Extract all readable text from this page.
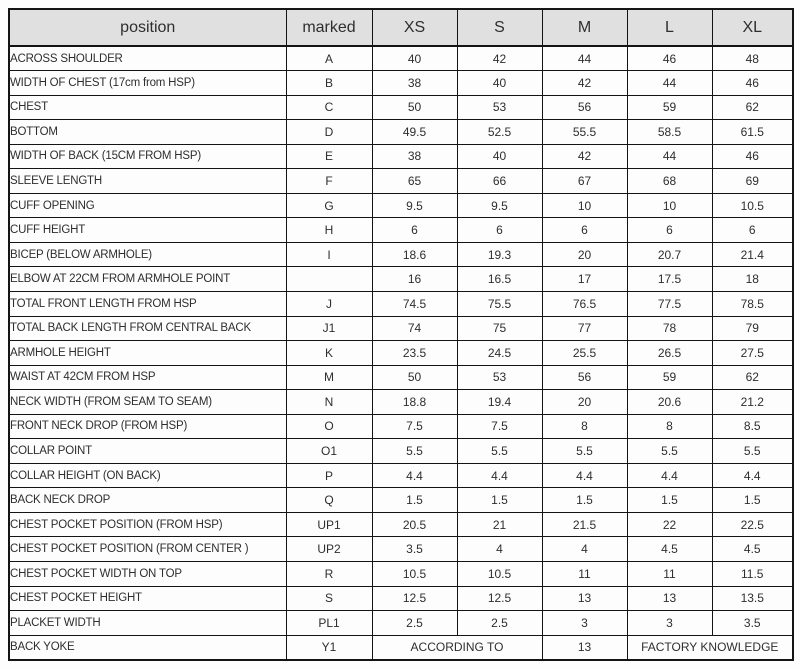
position	marked	XS	S	M	L	XL
ACROSS SHOULDER	A	40	42	44	46	48
WIDTH OF CHEST (17cm from HSP)	B	38	40	42	44	46
CHEST	C	50	53	56	59	62
BOTTOM	D	49.5	52.5	55.5	58.5	61.5
WIDTH OF BACK (15CM FROM HSP)	E	38	40	42	44	46
SLEEVE LENGTH	F	65	66	67	68	69
CUFF OPENING	G	9.5	9.5	10	10	10.5
CUFF HEIGHT	H	6	6	6	6	6
BICEP (BELOW ARMHOLE)	I	18.6	19.3	20	20.7	21.4
ELBOW AT 22CM FROM ARMHOLE POINT		16	16.5	17	17.5	18
TOTAL FRONT LENGTH FROM HSP	J	74.5	75.5	76.5	77.5	78.5
TOTAL BACK LENGTH FROM CENTRAL BACK	J1	74	75	77	78	79
ARMHOLE HEIGHT	K	23.5	24.5	25.5	26.5	27.5
WAIST AT 42CM FROM HSP	M	50	53	56	59	62
NECK WIDTH (FROM SEAM TO SEAM)	N	18.8	19.4	20	20.6	21.2
FRONT NECK DROP (FROM HSP)	O	7.5	7.5	8	8	8.5
COLLAR POINT	O1	5.5	5.5	5.5	5.5	5.5
COLLAR HEIGHT (ON BACK)	P	4.4	4.4	4.4	4.4	4.4
BACK NECK DROP	Q	1.5	1.5	1.5	1.5	1.5
CHEST POCKET POSITION (FROM HSP)	UP1	20.5	21	21.5	22	22.5
CHEST POCKET POSITION (FROM CENTER )	UP2	3.5	4	4	4.5	4.5
CHEST POCKET WIDTH ON TOP	R	10.5	10.5	11	11	11.5
CHEST POCKET HEIGHT	S	12.5	12.5	13	13	13.5
PLACKET WIDTH	PL1	2.5	2.5	3	3	3.5
BACK YOKE	Y1	ACCORDING TO		13	FACTORY KNOWLEDGE	
